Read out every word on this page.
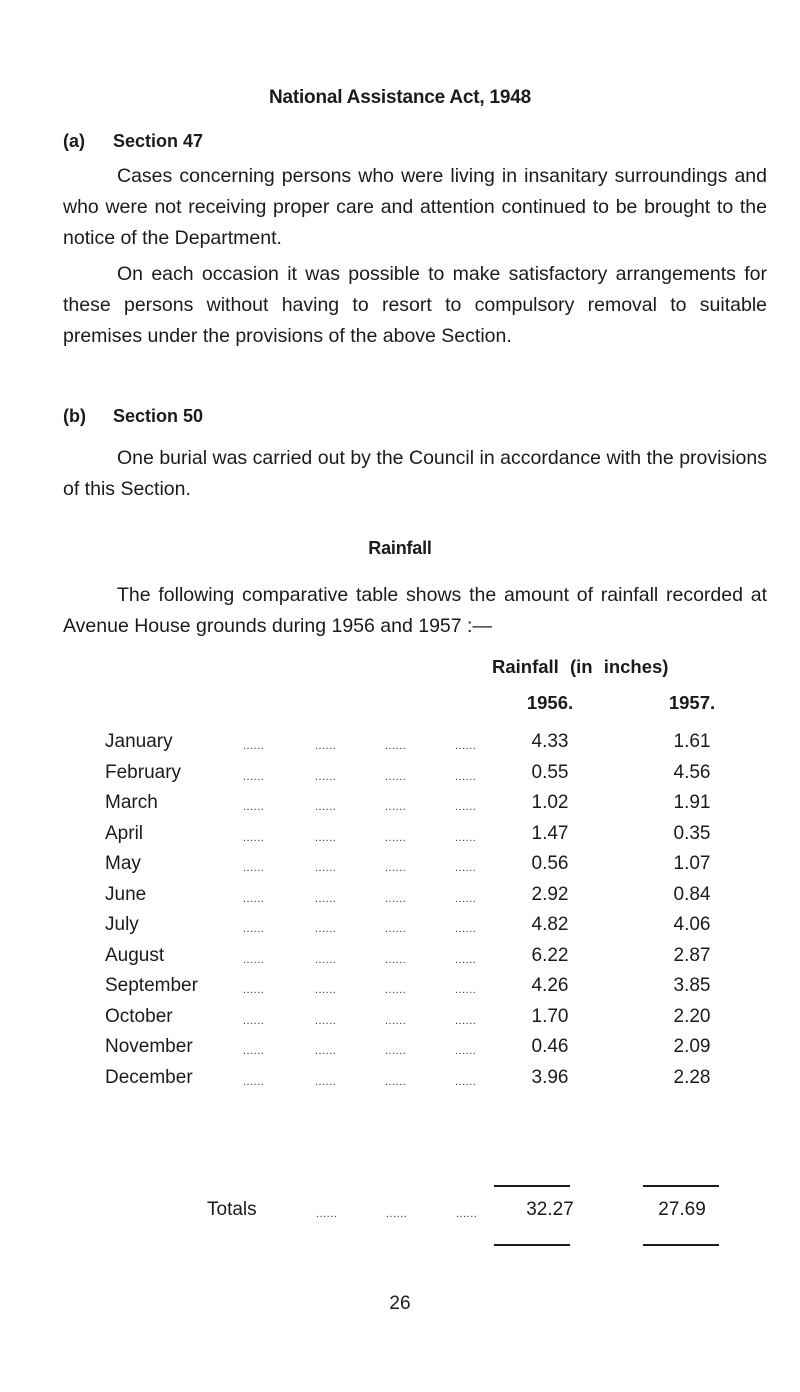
National Assistance Act, 1948
(a) Section 47

Cases concerning persons who were living in insanitary surroundings and who were not receiving proper care and attention continued to be brought to the notice of the Department.

On each occasion it was possible to make satisfactory arrangements for these persons without having to resort to compulsory removal to suitable premises under the provisions of the above Section.

(b) Section 50

One burial was carried out by the Council in accordance with the provisions of this Section.

Rainfall

The following comparative table shows the amount of rainfall recorded at Avenue House grounds during 1956 and 1957 :—

Rainfall (in inches)
1956.	1957.
January	......	......	......	......	4.33	1.61
February	......	......	......	......	0.55	4.56
March	......	......	......	......	1.02	1.91
April	......	......	......	......	1.47	0.35
May	......	......	......	......	0.56	1.07
June	......	......	......	......	2.92	0.84
July	......	......	......	......	4.82	4.06
August	......	......	......	......	6.22	2.87
September	......	......	......	......	4.26	3.85
October	......	......	......	......	1.70	2.20
November	......	......	......	......	0.46	2.09
December	......	......	......	......	3.96	2.28
Totals	......	......	......	32.27	27.69
26
